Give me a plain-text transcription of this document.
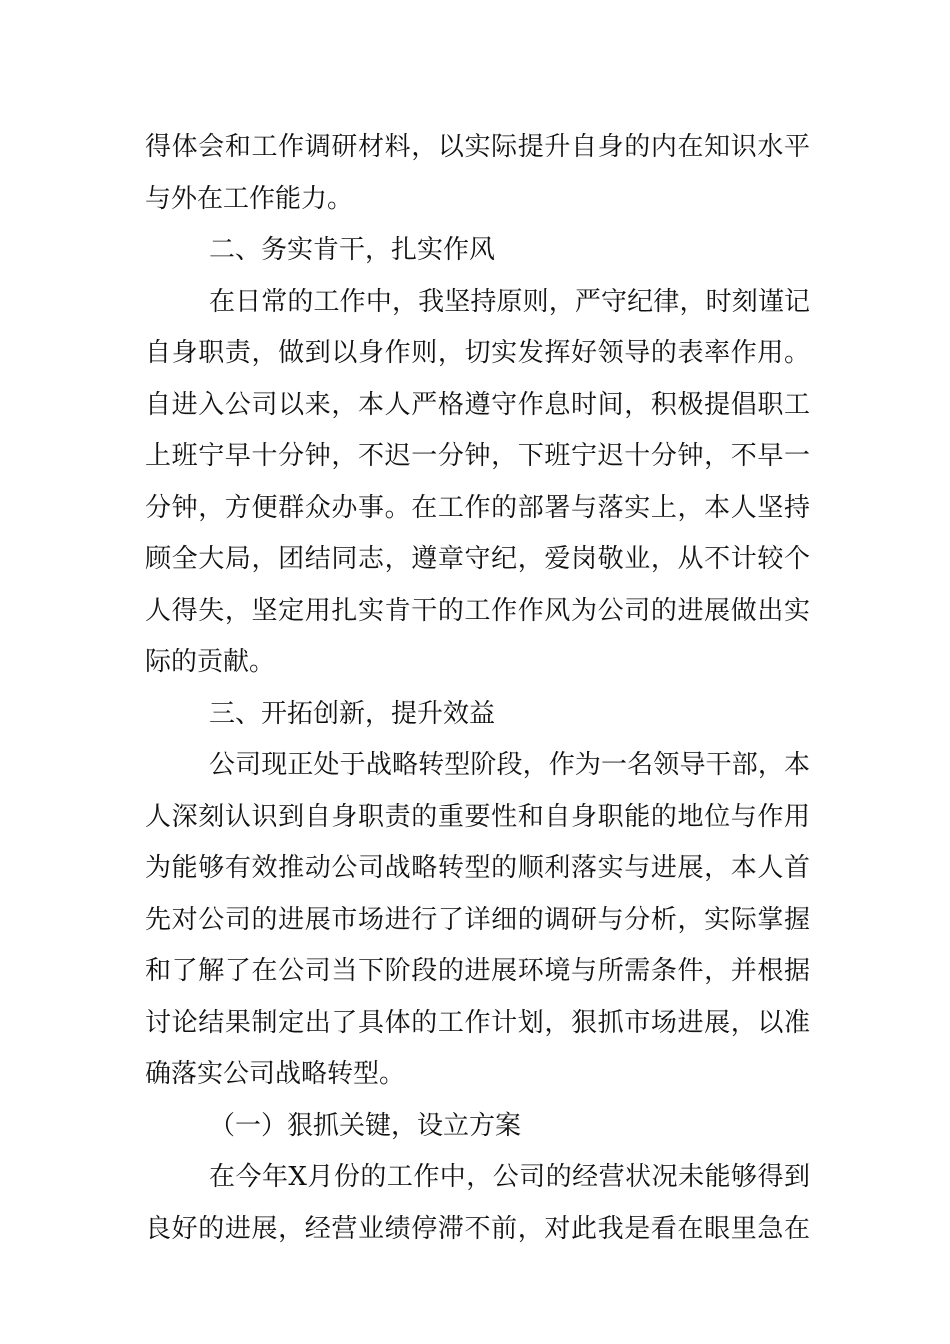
得体会和工作调研材料，以实际提升自身的内在知识水平
与外在工作能力。
二、务实肯干，扎实作风
在日常的工作中，我坚持原则，严守纪律，时刻谨记
自身职责，做到以身作则，切实发挥好领导的表率作用。
自进入公司以来，本人严格遵守作息时间，积极提倡职工
上班宁早十分钟，不迟一分钟，下班宁迟十分钟，不早一
分钟，方便群众办事。在工作的部署与落实上，本人坚持
顾全大局，团结同志，遵章守纪，爱岗敬业，从不计较个
人得失，坚定用扎实肯干的工作作风为公司的进展做出实
际的贡献。
三、开拓创新，提升效益
公司现正处于战略转型阶段，作为一名领导干部，本
人深刻认识到自身职责的重要性和自身职能的地位与作用
为能够有效推动公司战略转型的顺利落实与进展，本人首
先对公司的进展市场进行了详细的调研与分析，实际掌握
和了解了在公司当下阶段的进展环境与所需条件，并根据
讨论结果制定出了具体的工作计划，狠抓市场进展，以准
确落实公司战略转型。
（一）狠抓关键，设立方案
在今年X月份的工作中，公司的经营状况未能够得到
良好的进展，经营业绩停滞不前，对此我是看在眼里急在
